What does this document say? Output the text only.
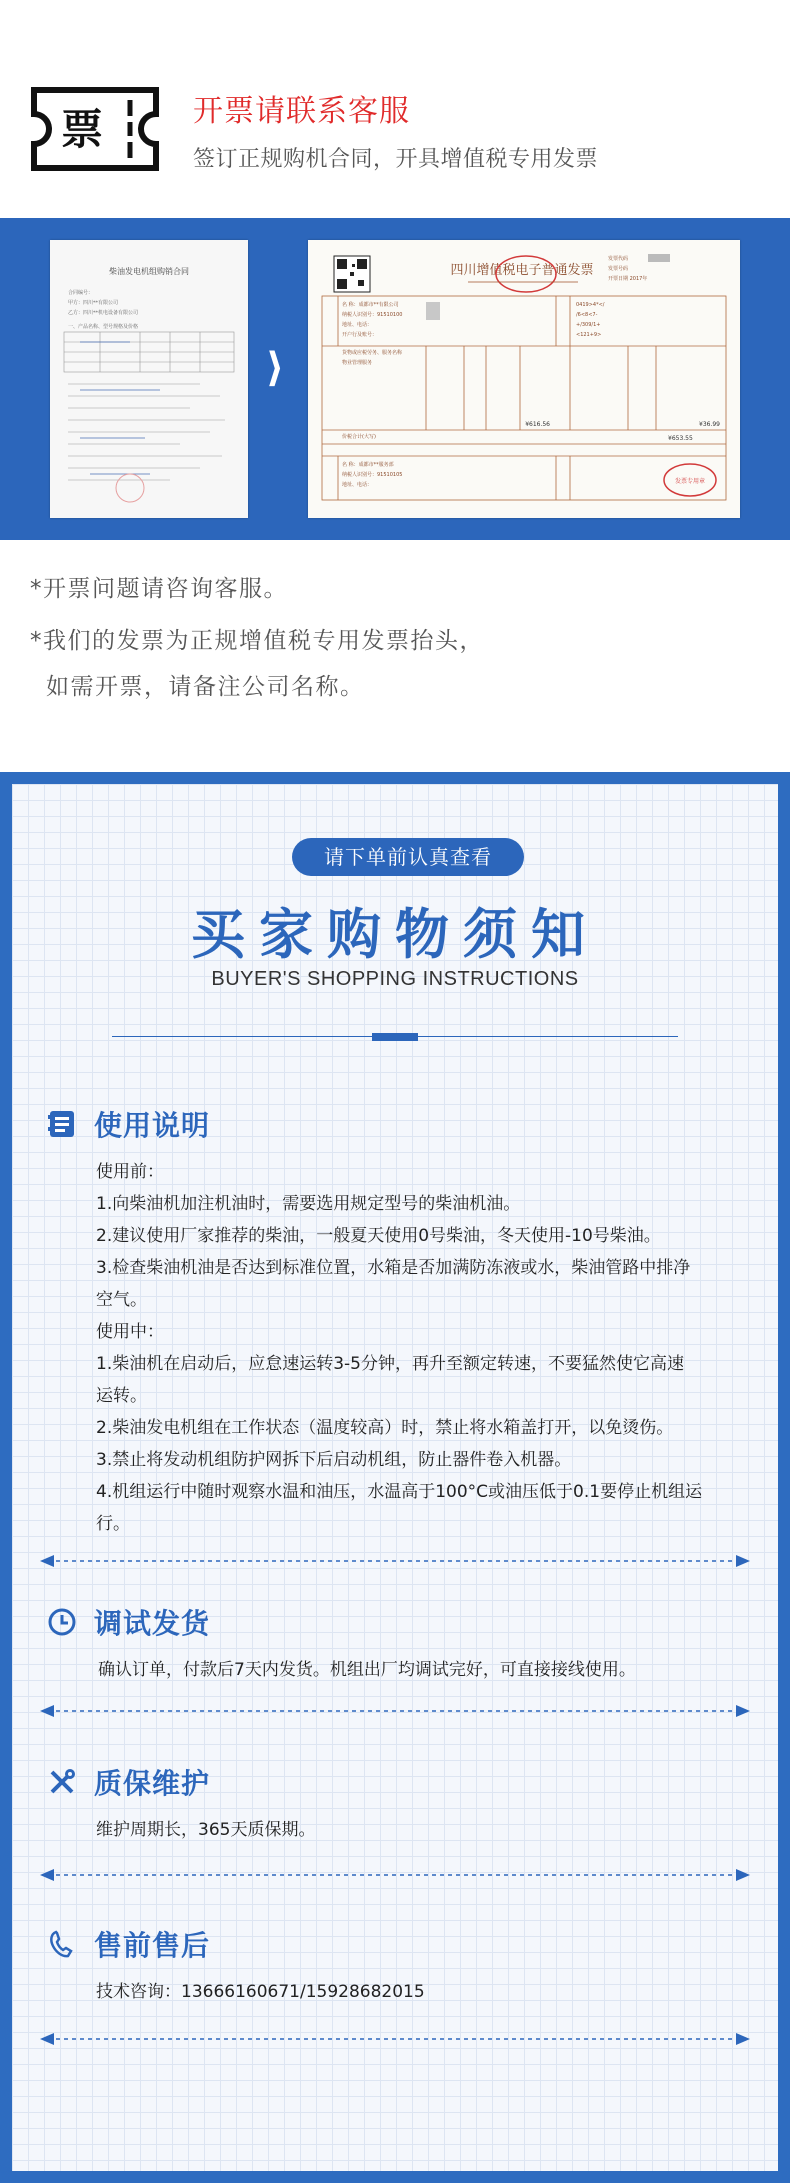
票	开票请联系客服
签订正规购机合同，开具增值税专用发票
柴油发电机组购销合同
合同编号：
甲方：四川**有限公司
乙方：四川**机电设备有限公司
一、产品名称、型号规格及价格
⟩
四川增值税电子普通发票
发票代码
发票号码
开票日期 2017年
名 称：成都市**有限公司
纳税人识别号：91510100
地址、电话：
开户行及账号：
货物或应税劳务、服务名称
物业管理服务
0419>4*</
/6<8<7-
+/309/1+
<121+9>
价税合计(大写)
名 称：成都市**服务部
纳税人识别号：91510105
地址、电话：
¥616.56	¥36.99
¥653.55
发票专用章
*开票问题请咨询客服。
*我们的发票为正规增值税专用发票抬头，
如需开票，请备注公司名称。
请下单前认真查看
买家购物须知
BUYER'S SHOPPING INSTRUCTIONS
使用说明
使用前：
1.向柴油机加注机油时，需要选用规定型号的柴油机油。
2.建议使用厂家推荐的柴油，一般夏天使用0号柴油，冬天使用-10号柴油。
3.检查柴油机油是否达到标准位置，水箱是否加满防冻液或水，柴油管路中排净
空气。
使用中：
1.柴油机在启动后，应怠速运转3-5分钟，再升至额定转速，不要猛然使它高速
运转。
2.柴油发电机组在工作状态（温度较高）时，禁止将水箱盖打开，以免烫伤。
3.禁止将发动机组防护网拆下后启动机组，防止器件卷入机器。
4.机组运行中随时观察水温和油压，水温高于100°C或油压低于0.1要停止机组运
行。
调试发货
确认订单，付款后7天内发货。机组出厂均调试完好，可直接接线使用。
质保维护
维护周期长，365天质保期。
售前售后
技术咨询：13666160671/15928682015
